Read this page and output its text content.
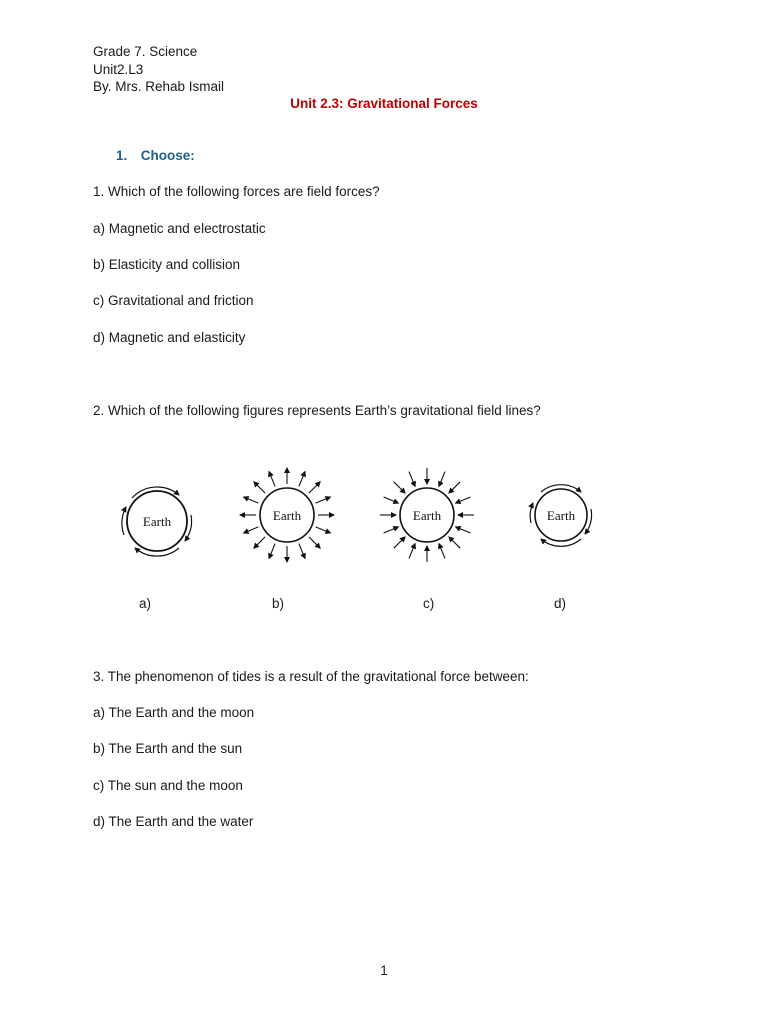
Grade 7. Science
Unit2.L3
By. Mrs. Rehab Ismail
Unit 2.3: Gravitational Forces
1. Choose:
1. Which of the following forces are field forces?
a) Magnetic and electrostatic
b) Elasticity and collision
c) Gravitational and friction
d) Magnetic and elasticity
2. Which of the following figures represents Earth’s gravitational field lines?
Earth	Earth	Earth	Earth
a)	b)	c)	d)
3. The phenomenon of tides is a result of the gravitational force between:
a) The Earth and the moon
b) The Earth and the sun
c) The sun and the moon
d) The Earth and the water
1
